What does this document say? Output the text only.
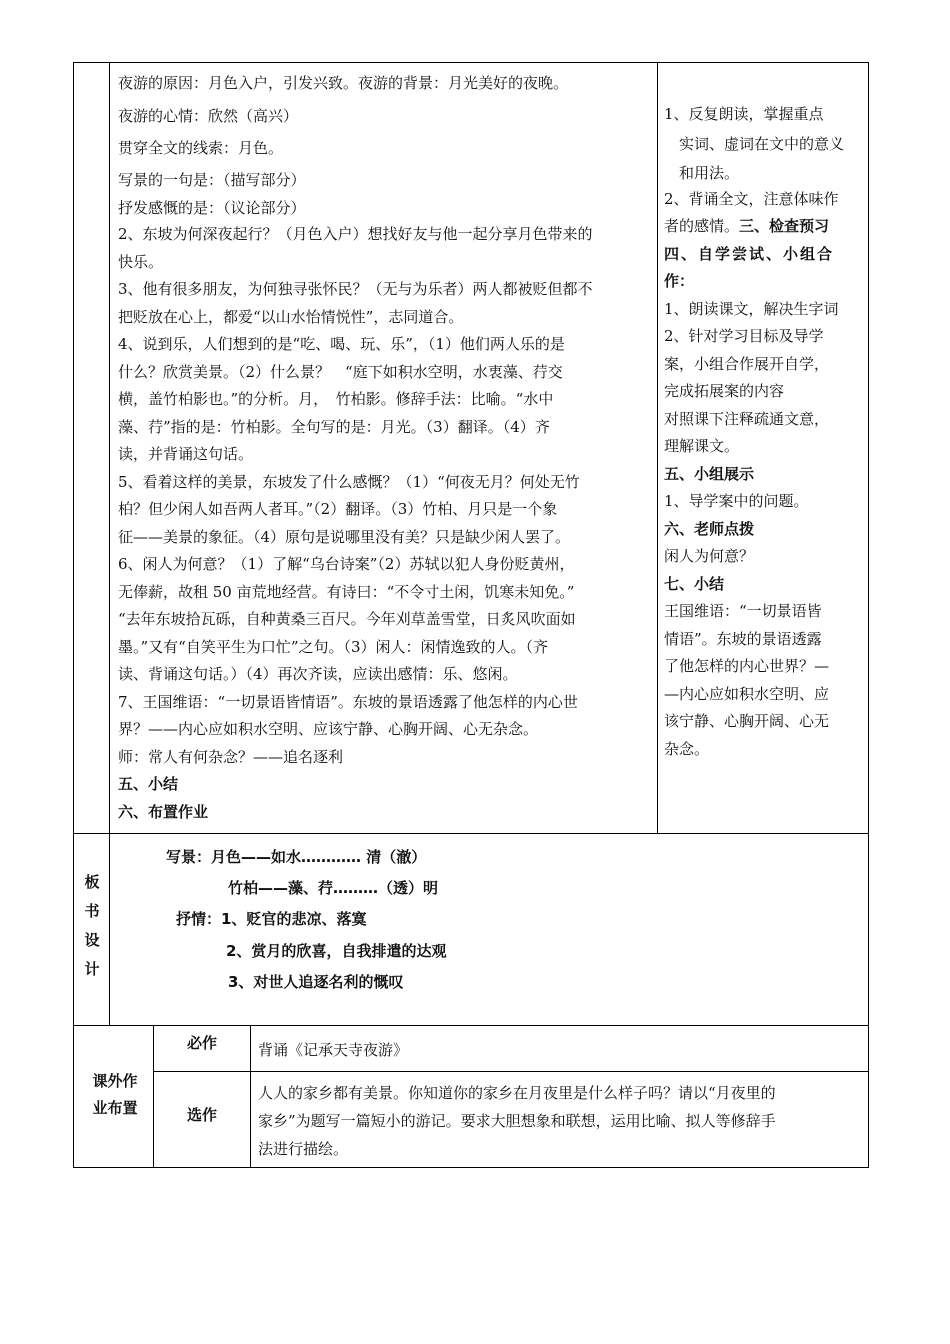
夜游的原因：月色入户，引发兴致。夜游的背景：月光美好的夜晚。
夜游的心情：欣然（高兴）
贯穿全文的线索：月色。
写景的一句是：（描写部分）
抒发感慨的是：（议论部分）
2、东坡为何深夜起行？（月色入户）想找好友与他一起分享月色带来的
快乐。
3、他有很多朋友，为何独寻张怀民？（无与为乐者）两人都被贬但都不
把贬放在心上，都爱“以山水怡情悦性”，志同道合。
4、说到乐，人们想到的是“吃、喝、玩、乐”，（1）他们两人乐的是
什么？欣赏美景。（2）什么景？　“庭下如积水空明，水衷藻、荇交
横，盖竹柏影也。”的分析。月，　竹柏影。修辞手法：比喻。“水中
藻、荇”指的是：竹柏影。全句写的是：月光。（3）翻译。（4）齐
读，并背诵这句话。
5、看着这样的美景，东坡发了什么感慨？（1）“何夜无月？何处无竹
柏？但少闲人如吾两人者耳。”（2）翻译。（3）竹柏、月只是一个象
征——美景的象征。（4）原句是说哪里没有美？只是缺少闲人罢了。
6、闲人为何意？（1）了解“乌台诗案”（2）苏轼以犯人身份贬黄州，
无俸薪，故租 50 亩荒地经营。有诗曰：“不令寸土闲，饥寒未知免。”
“去年东坡拾瓦砾，自种黄桑三百尺。今年刈草盖雪堂，日炙风吹面如
墨。”又有“自笑平生为口忙”之句。（3）闲人：闲情逸致的人。（齐
读、背诵这句话。）（4）再次齐读，应读出感情：乐、悠闲。
7、王国维语：“一切景语皆情语”。东坡的景语透露了他怎样的内心世
界？——内心应如积水空明、应该宁静、心胸开阔、心无杂念。
师：常人有何杂念？——追名逐利
五、小结
六、布置作业
1、反复朗读，掌握重点
　实词、虚词在文中的意义
　和用法。
2、背诵全文，注意体味作
者的感情。三、检查预习
四、自学尝试、小组合
作：
1、朗读课文，解决生字词
2、针对学习目标及导学
案，小组合作展开自学，
完成拓展案的内容
对照课下注释疏通文意，
理解课文。
五、小组展示
1、导学案中的问题。
六、老师点拨
闲人为何意？
七、小结
王国维语：“一切景语皆
情语”。东坡的景语透露
了他怎样的内心世界？—
—内心应如积水空明、应
该宁静、心胸开阔、心无
杂念。
板
书
设
计
写景：月色——如水………… 清（澈）
竹柏——藻、荇………（透）明
抒情：1、贬官的悲凉、落寞
2、赏月的欣喜，自我排遣的达观
3、对世人追逐名利的慨叹
课外作
业布置
必作	背诵《记承天寺夜游》
选作
人人的家乡都有美景。你知道你的家乡在月夜里是什么样子吗？请以“月夜里的
家乡”为题写一篇短小的游记。要求大胆想象和联想，运用比喻、拟人等修辞手
法进行描绘。
